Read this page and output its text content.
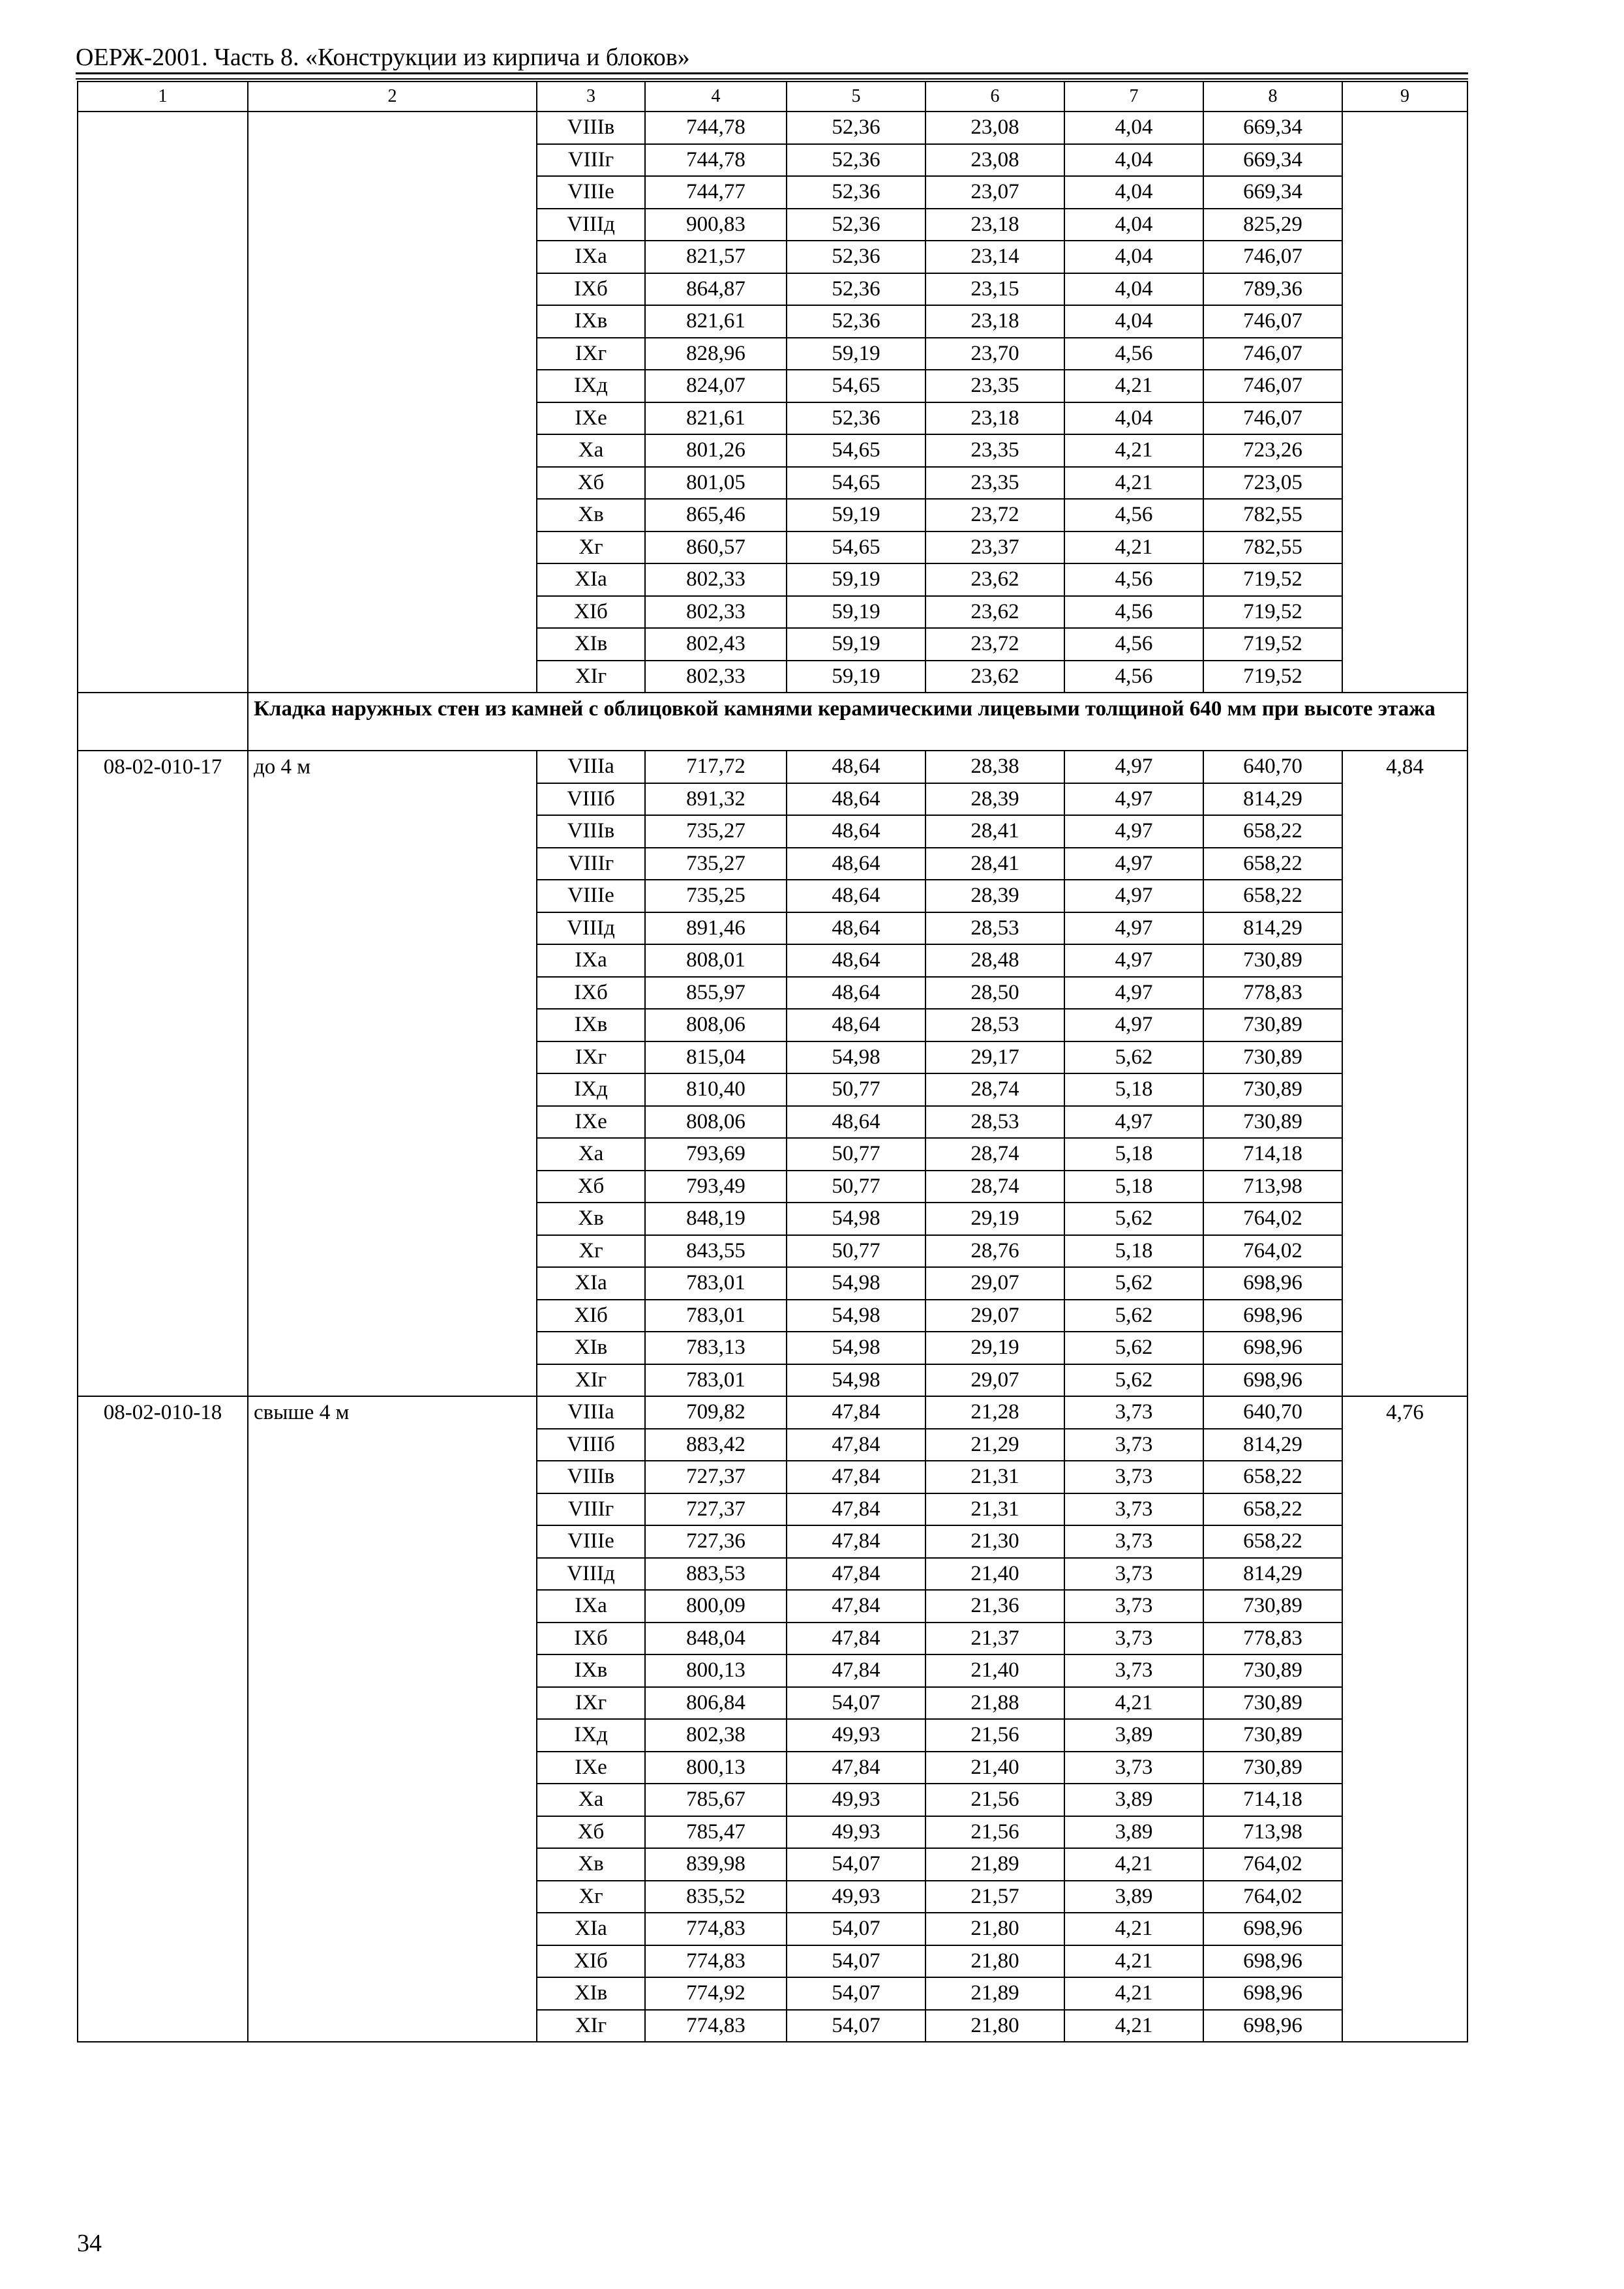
ОЕРЖ-2001. Часть 8. «Конструкции из кирпича и блоков»
1	2	3	4	5	6	7	8	9
		VIIIв	744,78	52,36	23,08	4,04	669,34	
		VIIIг	744,78	52,36	23,08	4,04	669,34	
		VIIIе	744,77	52,36	23,07	4,04	669,34	
		VIIIд	900,83	52,36	23,18	4,04	825,29	
		IXа	821,57	52,36	23,14	4,04	746,07	
		IXб	864,87	52,36	23,15	4,04	789,36	
		IXв	821,61	52,36	23,18	4,04	746,07	
		IXг	828,96	59,19	23,70	4,56	746,07	
		IXд	824,07	54,65	23,35	4,21	746,07	
		IXе	821,61	52,36	23,18	4,04	746,07	
		Xа	801,26	54,65	23,35	4,21	723,26	
		Xб	801,05	54,65	23,35	4,21	723,05	
		Xв	865,46	59,19	23,72	4,56	782,55	
		Xг	860,57	54,65	23,37	4,21	782,55	
		XIа	802,33	59,19	23,62	4,56	719,52	
		XIб	802,33	59,19	23,62	4,56	719,52	
		XIв	802,43	59,19	23,72	4,56	719,52	
		XIг	802,33	59,19	23,62	4,56	719,52	
	Кладка наружных стен из камней с облицовкой камнями керамическими лицевыми толщиной 640 мм при высоте этажа							
08-02-010-17	до 4 м	VIIIа	717,72	48,64	28,38	4,97	640,70	4,84
		VIIIб	891,32	48,64	28,39	4,97	814,29	
		VIIIв	735,27	48,64	28,41	4,97	658,22	
		VIIIг	735,27	48,64	28,41	4,97	658,22	
		VIIIе	735,25	48,64	28,39	4,97	658,22	
		VIIIд	891,46	48,64	28,53	4,97	814,29	
		IXа	808,01	48,64	28,48	4,97	730,89	
		IXб	855,97	48,64	28,50	4,97	778,83	
		IXв	808,06	48,64	28,53	4,97	730,89	
		IXг	815,04	54,98	29,17	5,62	730,89	
		IXд	810,40	50,77	28,74	5,18	730,89	
		IXе	808,06	48,64	28,53	4,97	730,89	
		Xа	793,69	50,77	28,74	5,18	714,18	
		Xб	793,49	50,77	28,74	5,18	713,98	
		Xв	848,19	54,98	29,19	5,62	764,02	
		Xг	843,55	50,77	28,76	5,18	764,02	
		XIа	783,01	54,98	29,07	5,62	698,96	
		XIб	783,01	54,98	29,07	5,62	698,96	
		XIв	783,13	54,98	29,19	5,62	698,96	
		XIг	783,01	54,98	29,07	5,62	698,96	
08-02-010-18	свыше 4 м	VIIIа	709,82	47,84	21,28	3,73	640,70	4,76
		VIIIб	883,42	47,84	21,29	3,73	814,29	
		VIIIв	727,37	47,84	21,31	3,73	658,22	
		VIIIг	727,37	47,84	21,31	3,73	658,22	
		VIIIе	727,36	47,84	21,30	3,73	658,22	
		VIIIд	883,53	47,84	21,40	3,73	814,29	
		IXа	800,09	47,84	21,36	3,73	730,89	
		IXб	848,04	47,84	21,37	3,73	778,83	
		IXв	800,13	47,84	21,40	3,73	730,89	
		IXг	806,84	54,07	21,88	4,21	730,89	
		IXд	802,38	49,93	21,56	3,89	730,89	
		IXе	800,13	47,84	21,40	3,73	730,89	
		Xа	785,67	49,93	21,56	3,89	714,18	
		Xб	785,47	49,93	21,56	3,89	713,98	
		Xв	839,98	54,07	21,89	4,21	764,02	
		Xг	835,52	49,93	21,57	3,89	764,02	
		XIа	774,83	54,07	21,80	4,21	698,96	
		XIб	774,83	54,07	21,80	4,21	698,96	
		XIв	774,92	54,07	21,89	4,21	698,96	
		XIг	774,83	54,07	21,80	4,21	698,96	
34
